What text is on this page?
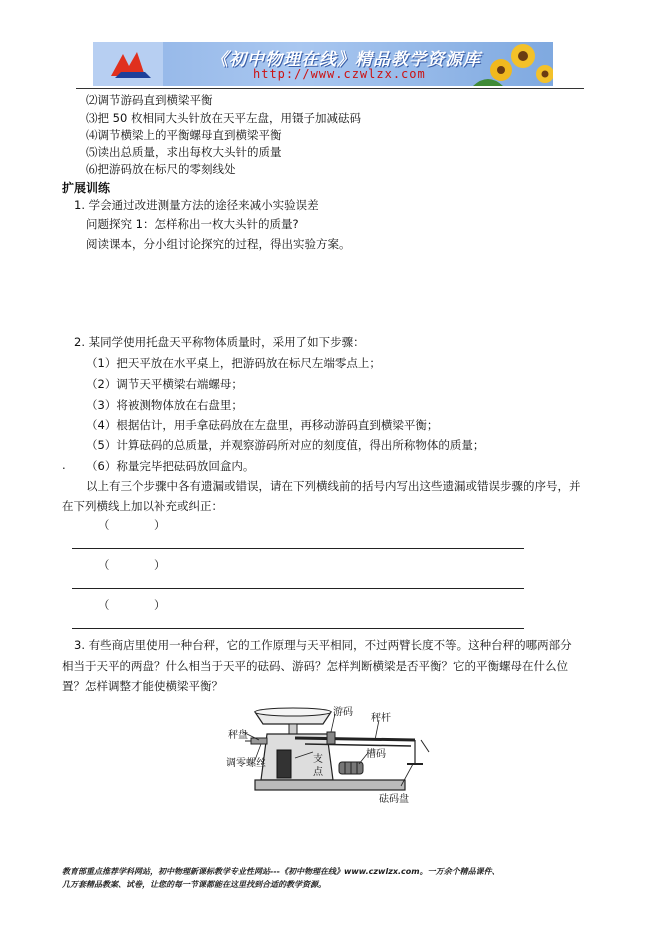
《初中物理在线》精品教学资源库
http://www.czwlzx.com
⑵调节游码直到横梁平衡
⑶把 50 枚相同大头针放在天平左盘，用镊子加减砝码
⑷调节横梁上的平衡螺母直到横梁平衡
⑸读出总质量，求出每枚大头针的质量
⑹把游码放在标尺的零刻线处
扩展训练
1. 学会通过改进测量方法的途径来减小实验误差
问题探究 1：怎样称出一枚大头针的质量?
阅读课本，分小组讨论探究的过程，得出实验方案。
2. 某同学使用托盘天平称物体质量时，采用了如下步骤：
（1）把天平放在水平桌上，把游码放在标尺左端零点上；
（2）调节天平横梁右端螺母；
（3）将被测物体放在右盘里；
（4）根据估计，用手拿砝码放在左盘里，再移动游码直到横梁平衡；
（5）计算砝码的总质量，并观察游码所对应的刻度值，得出所称物体的质量；
. （6）称量完毕把砝码放回盒内。
以上有三个步骤中各有遗漏或错误，请在下列横线前的括号内写出这些遗漏或错误步骤的序号，并
在下列横线上加以补充或纠正：
（	）
（	）
（	）
3. 有些商店里使用一种台秤，它的工作原理与天平相同，不过两臂长度不等。这种台秤的哪两部分
相当于天平的两盘？什么相当于天平的砝码、游码？怎样判断横梁是否平衡？它的平衡螺母在什么位
置？怎样调整才能使横梁平衡？
秤盘
游码
秤杆
调零螺丝	支
点
槽码
砝码盘
教育部重点推荐学科网站，初中物理新课标教学专业性网站---《初中物理在线》www.czwlzx.com。一万余个精品课件、
几万套精品教案、试卷，让您的每一节课都能在这里找到合适的教学资源。
